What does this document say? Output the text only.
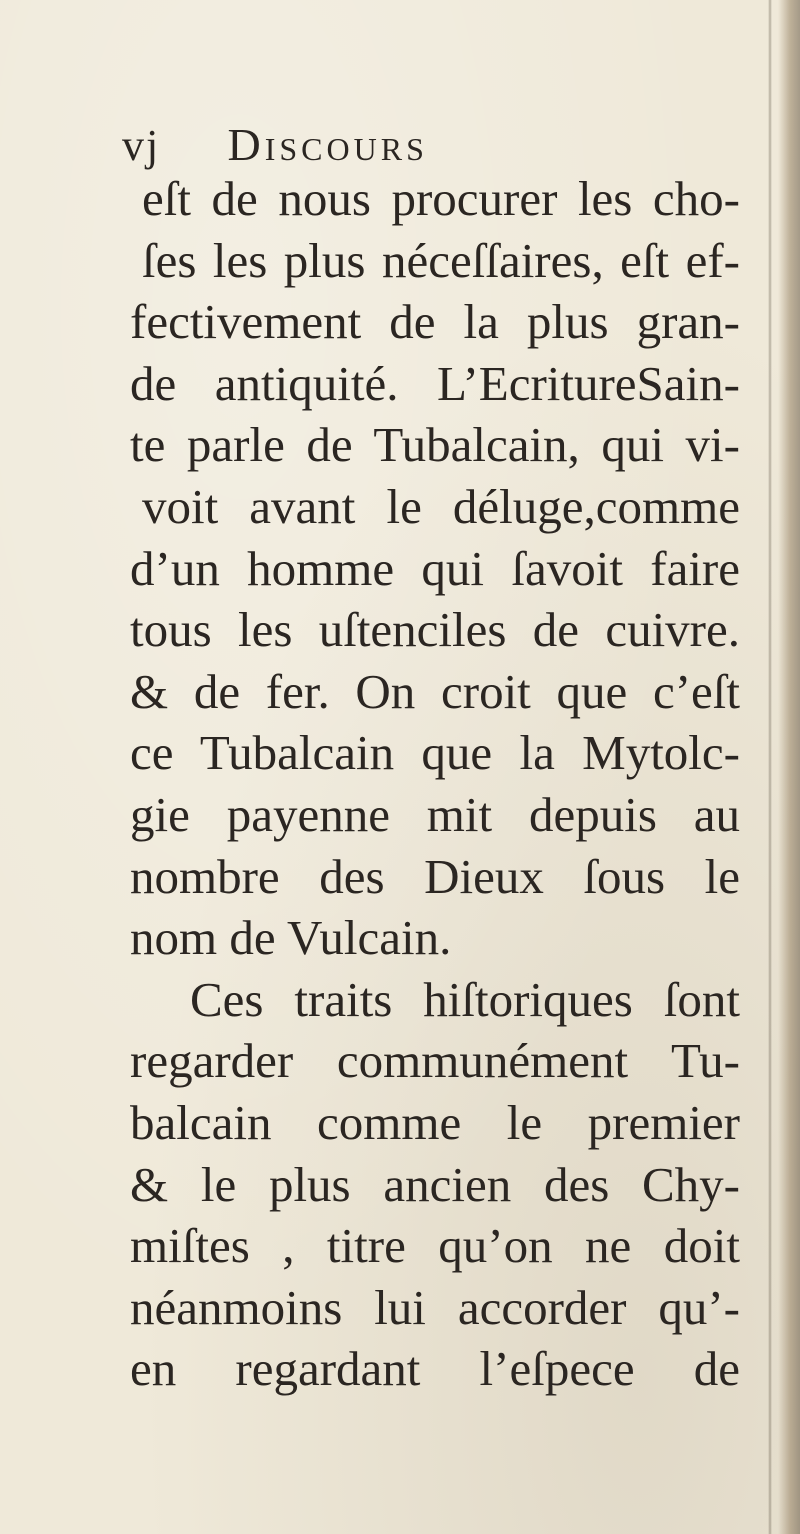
vj Discours
eſt de nous procurer les cho-
ſes les plus néceſſaires, eſt ef-
fectivement de la plus gran-
de antiquité. L’EcritureSain-
te parle de Tubalcain, qui vi-
voit avant le déluge,comme
d’un homme qui ſavoit faire
tous les uſtenciles de cuivre.
& de fer. On croit que c’eſt
ce Tubalcain que la Mytolc-
gie payenne mit depuis au
nombre des Dieux ſous le
nom de Vulcain.
Ces traits hiſtoriques ſont
regarder communément Tu-
balcain comme le premier
& le plus ancien des Chy-
miſtes , titre qu’on ne doit
néanmoins lui accorder qu’-
en regardant l’eſpece de
